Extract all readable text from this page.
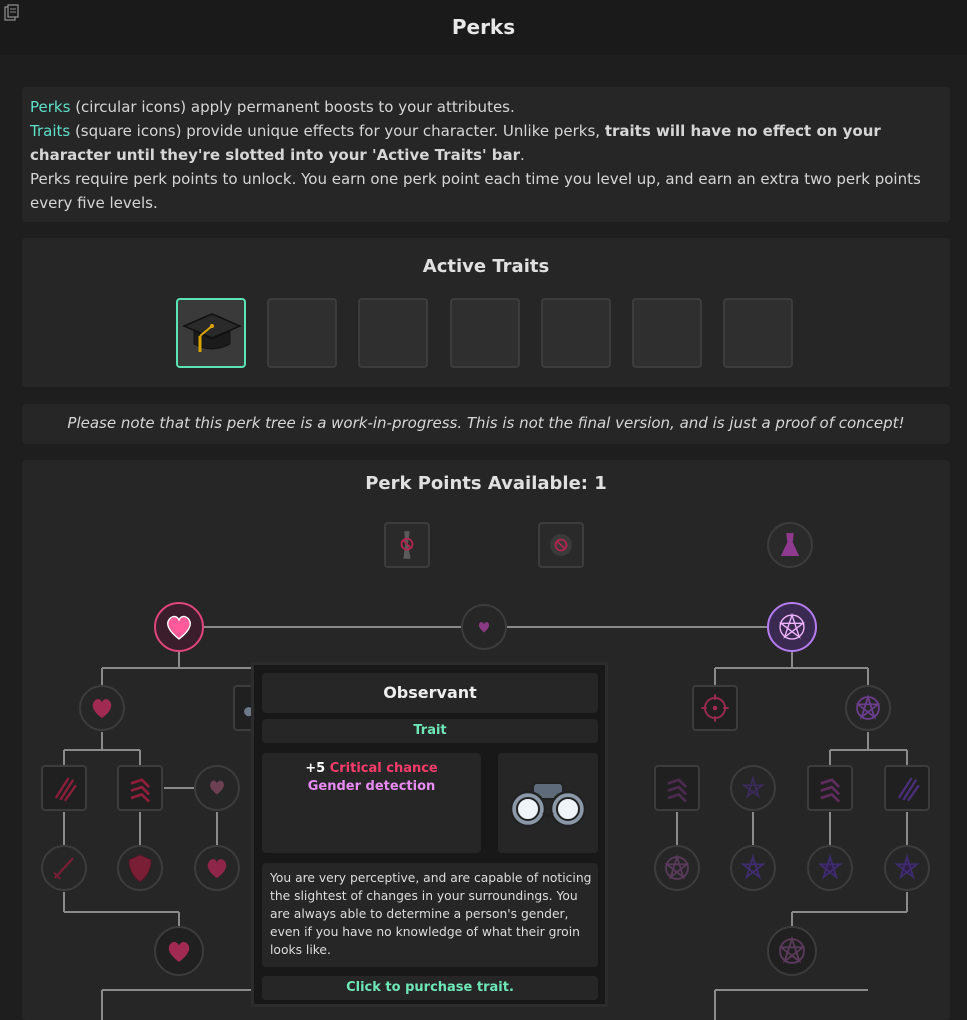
Perks

Perks (circular icons) apply permanent boosts to your attributes.

Traits (square icons) provide unique effects for your character. Unlike perks, traits will have no effect on your character until they're slotted into your 'Active Traits' bar.

Perks require perk points to unlock. You earn one perk point each time you level up, and earn an extra two perk points every five levels.

Active Traits
Please note that this perk tree is a work-in-progress. This is not the final version, and is just a proof of concept!
Perk Points Available: 1
Observant
Trait
+5 Critical chance
Gender detection
You are very perceptive, and are capable of noticing the slightest of changes in your surroundings. You are always able to determine a person's gender, even if you have no knowledge of what their groin looks like.
Click to purchase trait.
